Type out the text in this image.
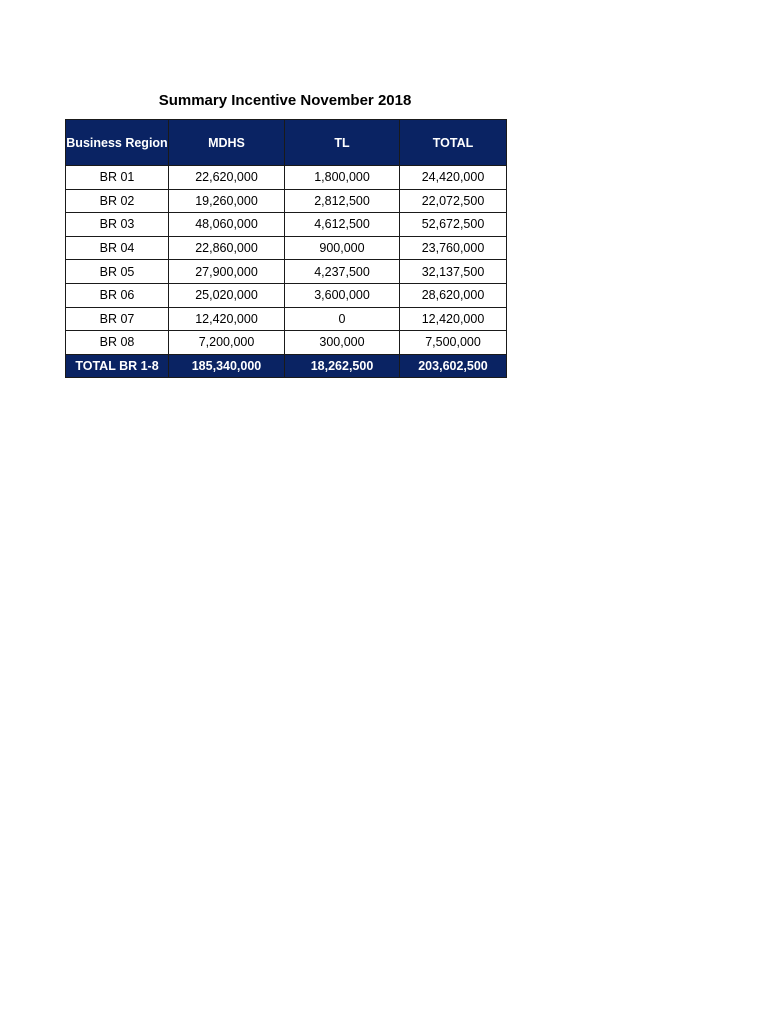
Summary Incentive November 2018
Business Region	MDHS	TL	TOTAL
BR 01	22,620,000	1,800,000	24,420,000
BR 02	19,260,000	2,812,500	22,072,500
BR 03	48,060,000	4,612,500	52,672,500
BR 04	22,860,000	900,000	23,760,000
BR 05	27,900,000	4,237,500	32,137,500
BR 06	25,020,000	3,600,000	28,620,000
BR 07	12,420,000	0	12,420,000
BR 08	7,200,000	300,000	7,500,000
TOTAL BR 1-8	185,340,000	18,262,500	203,602,500
